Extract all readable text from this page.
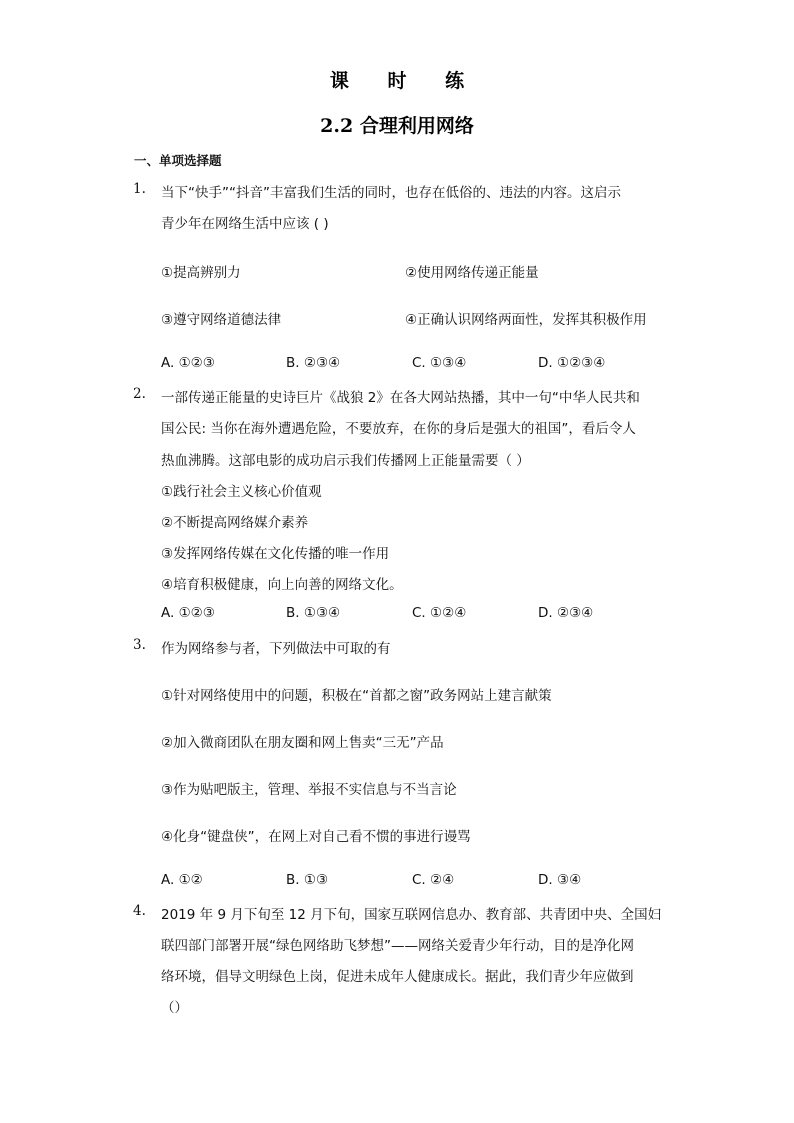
课 时 练
2.2 合理利用网络
一、单项选择题
1. 当下“快手”“抖音”丰富我们生活的同时，也存在低俗的、违法的内容。这启示
青少年在网络生活中应该 ( )
①提高辨别力	②使用网络传递正能量
③遵守网络道德法律	④正确认识网络两面性，发挥其积极作用
A. ①②③	B. ②③④	C. ①③④	D. ①②③④
2. 一部传递正能量的史诗巨片《战狼 2》在各大网站热播，其中一句“中华人民共和
国公民: 当你在海外遭遇危险，不要放弃，在你的身后是强大的祖国”，看后令人
热血沸腾。这部电影的成功启示我们传播网上正能量需要（ ）
①践行社会主义核心价值观
②不断提高网络媒介素养
③发挥网络传媒在文化传播的唯一作用
④培育积极健康，向上向善的网络文化。
A. ①②③	B. ①③④	C. ①②④	D. ②③④
3. 作为网络参与者，下列做法中可取的有
①针对网络使用中的问题，积极在“首都之窗”政务网站上建言献策
②加入微商团队在朋友圈和网上售卖“三无”产品
③作为贴吧版主，管理、举报不实信息与不当言论
④化身“键盘侠”，在网上对自己看不惯的事进行谩骂
A. ①②	B. ①③	C. ②④	D. ③④
4. 2019 年 9 月下旬至 12 月下旬，国家互联网信息办、教育部、共青团中央、全国妇
联四部门部署开展“绿色网络助飞梦想”——网络关爱青少年行动，目的是净化网
络环境，倡导文明绿色上岗，促进未成年人健康成长。据此，我们青少年应做到
（）
